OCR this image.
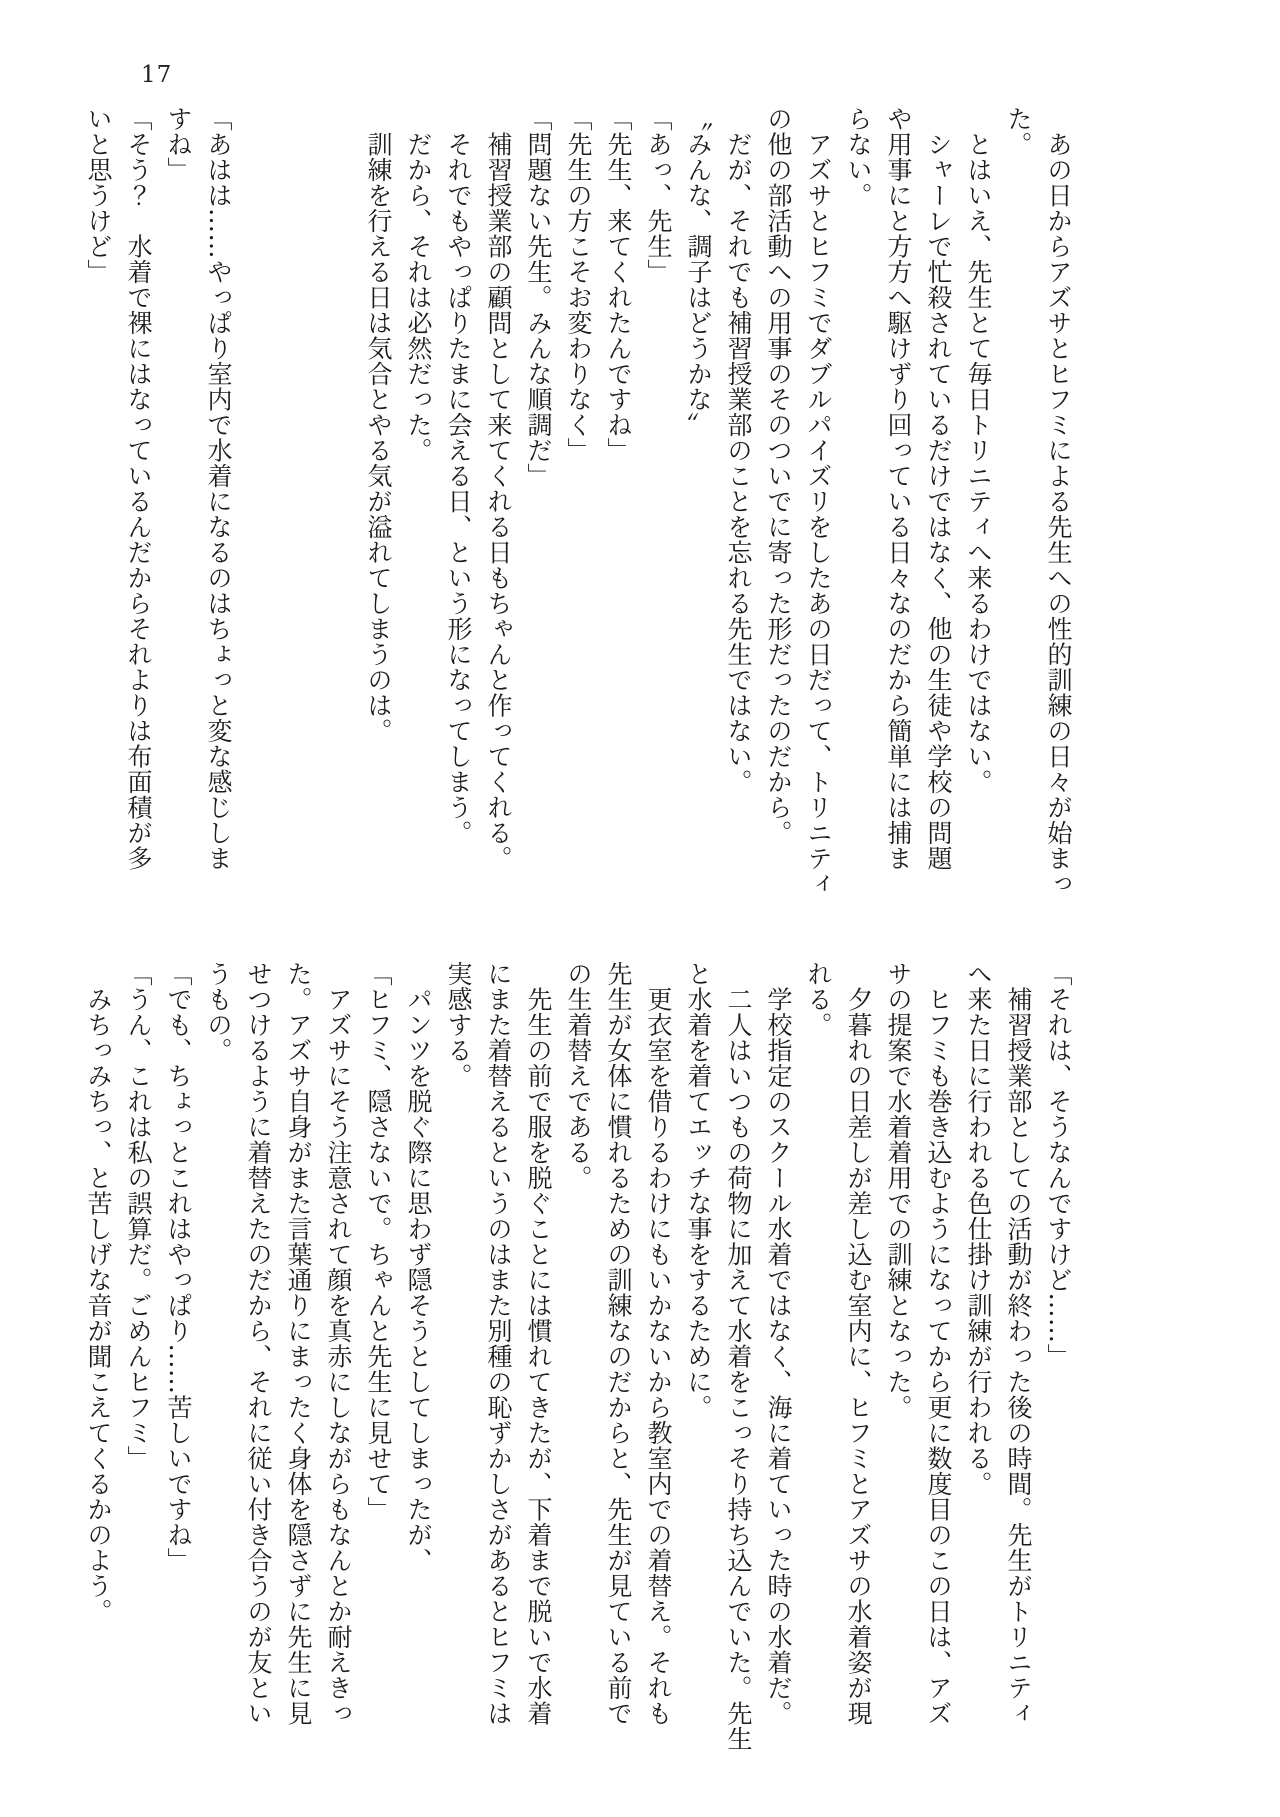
17

　あの日からアズサとヒフミによる先生への性的訓練の日々が始まっ

た。

　とはいえ、先生とて毎日トリニティへ来るわけではない。

　シャーレで忙殺されているだけではなく、他の生徒や学校の問題

や用事にと方方へ駆けずり回っている日々なのだから簡単には捕ま

らない。

　アズサとヒフミでダブルパイズリをしたあの日だって、トリニティ

の他の部活動への用事のそのついでに寄った形だったのだから。

　だが、それでも補習授業部のことを忘れる先生ではない。

〝みんな、調子はどうかな〟

「あっ、先生」

「先生、来てくれたんですね」

「先生の方こそお変わりなく」

「問題ない先生。みんな順調だ」

　補習授業部の顧問として来てくれる日もちゃんと作ってくれる。

　それでもやっぱりたまに会える日、という形になってしまう。

　だから、それは必然だった。

　訓練を行える日は気合とやる気が溢れてしまうのは。

「あはは……やっぱり室内で水着になるのはちょっと変な感じしま

すね」

「そう？　水着で裸にはなっているんだからそれよりは布面積が多

いと思うけど」

「それは、そうなんですけど……」

　補習授業部としての活動が終わった後の時間。先生がトリニティ

へ来た日に行われる色仕掛け訓練が行われる。

　ヒフミも巻き込むようになってから更に数度目のこの日は、アズ

サの提案で水着着用での訓練となった。

　夕暮れの日差しが差し込む室内に、ヒフミとアズサの水着姿が現

れる。

　学校指定のスクール水着ではなく、海に着ていった時の水着だ。

　二人はいつもの荷物に加えて水着をこっそり持ち込んでいた。先生

と水着を着てエッチな事をするために。

　更衣室を借りるわけにもいかないから教室内での着替え。それも

先生が女体に慣れるための訓練なのだからと、先生が見ている前で

の生着替えである。

　先生の前で服を脱ぐことには慣れてきたが、下着まで脱いで水着

にまた着替えるというのはまた別種の恥ずかしさがあるとヒフミは

実感する。

　パンツを脱ぐ際に思わず隠そうとしてしまったが、

「ヒフミ、隠さないで。ちゃんと先生に見せて」

　アズサにそう注意されて顔を真赤にしながらもなんとか耐えきっ

た。アズサ自身がまた言葉通りにまったく身体を隠さずに先生に見

せつけるように着替えたのだから、それに従い付き合うのが友とい

うもの。

「でも、ちょっとこれはやっぱり……苦しいですね」

「うん、これは私の誤算だ。ごめんヒフミ」

　みちっみちっ、と苦しげな音が聞こえてくるかのよう。
